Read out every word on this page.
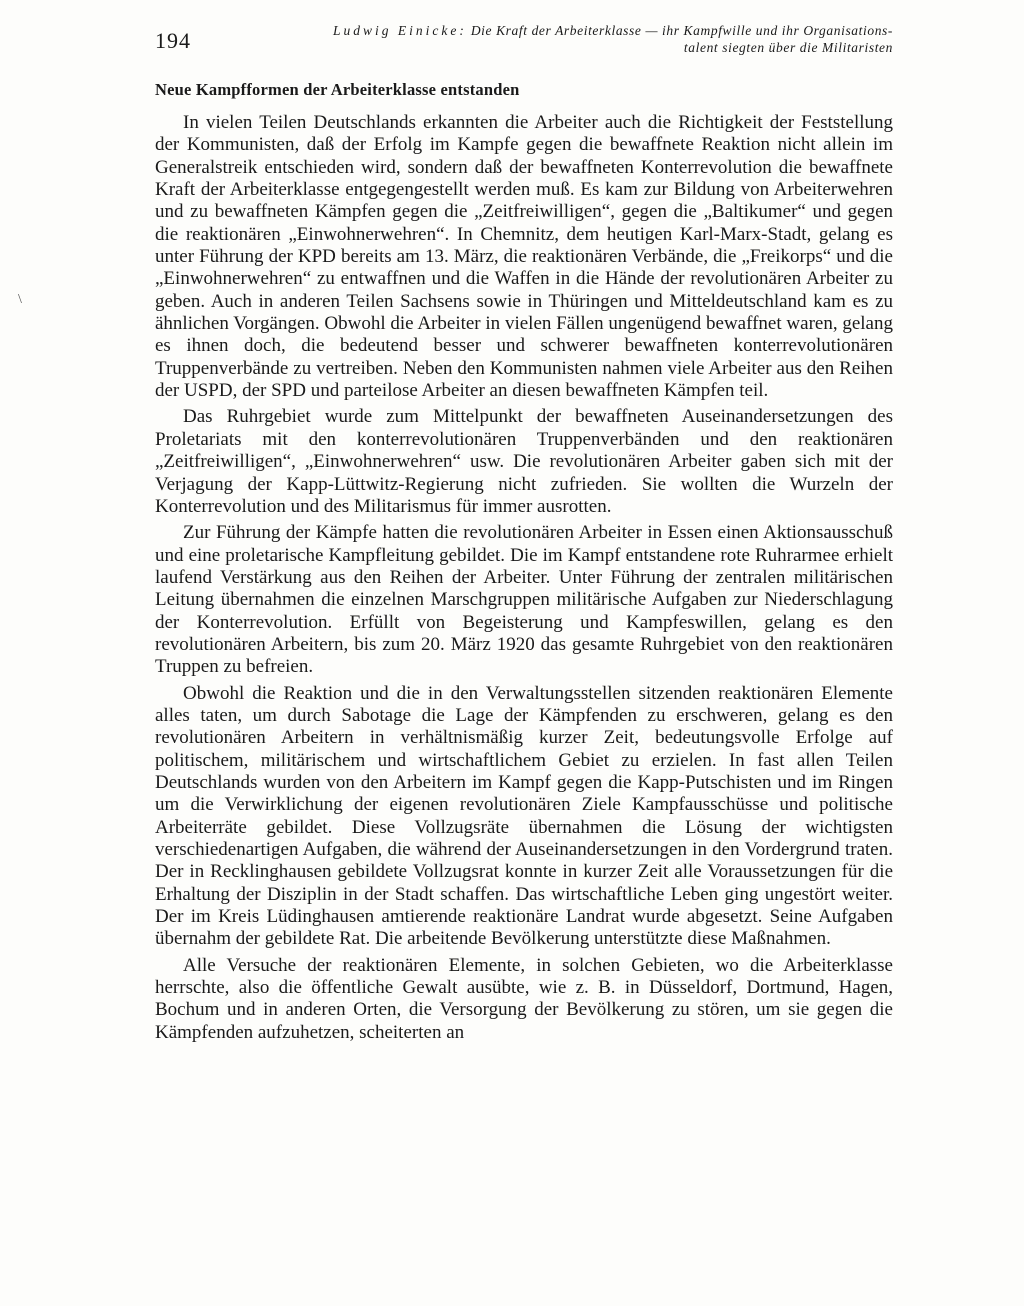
\
194	Ludwig Einicke: Die Kraft der Arbeiterklasse — ihr Kampfwille und ihr Organisations-
talent siegten über die Militaristen
Neue Kampfformen der Arbeiterklasse entstanden

In vielen Teilen Deutschlands erkannten die Arbeiter auch die Richtigkeit der Feststellung der Kommunisten, daß der Erfolg im Kampfe gegen die bewaffnete Reaktion nicht allein im Generalstreik entschieden wird, sondern daß der bewaffneten Konterrevolution die bewaffnete Kraft der Arbeiterklasse entgegengestellt werden muß. Es kam zur Bildung von Arbeiterwehren und zu bewaffneten Kämpfen gegen die „Zeitfreiwilligen“, gegen die „Baltikumer“ und gegen die reaktionären „Einwohnerwehren“. In Chemnitz, dem heutigen Karl-Marx-Stadt, gelang es unter Führung der KPD bereits am 13. März, die reaktionären Verbände, die „Freikorps“ und die „Einwohnerwehren“ zu entwaffnen und die Waffen in die Hände der revolutionären Arbeiter zu geben. Auch in anderen Teilen Sachsens sowie in Thüringen und Mitteldeutschland kam es zu ähnlichen Vorgängen. Obwohl die Arbeiter in vielen Fällen ungenügend bewaffnet waren, gelang es ihnen doch, die bedeutend besser und schwerer bewaffneten konterrevolutionären Truppenverbände zu vertreiben. Neben den Kommunisten nahmen viele Arbeiter aus den Reihen der USPD, der SPD und parteilose Arbeiter an diesen bewaffneten Kämpfen teil.

Das Ruhrgebiet wurde zum Mittelpunkt der bewaffneten Auseinandersetzungen des Proletariats mit den konterrevolutionären Truppenverbänden und den reaktionären „Zeitfreiwilligen“, „Einwohnerwehren“ usw. Die revolutionären Arbeiter gaben sich mit der Verjagung der Kapp-Lüttwitz-Regierung nicht zufrieden. Sie wollten die Wurzeln der Konterrevolution und des Militarismus für immer ausrotten.

Zur Führung der Kämpfe hatten die revolutionären Arbeiter in Essen einen Aktionsausschuß und eine proletarische Kampfleitung gebildet. Die im Kampf entstandene rote Ruhrarmee erhielt laufend Verstärkung aus den Reihen der Arbeiter. Unter Führung der zentralen militärischen Leitung übernahmen die einzelnen Marschgruppen militärische Aufgaben zur Niederschlagung der Konterrevolution. Erfüllt von Begeisterung und Kampfeswillen, gelang es den revolutionären Arbeitern, bis zum 20. März 1920 das gesamte Ruhrgebiet von den reaktionären Truppen zu befreien.

Obwohl die Reaktion und die in den Verwaltungsstellen sitzenden reaktionären Elemente alles taten, um durch Sabotage die Lage der Kämpfenden zu erschweren, gelang es den revolutionären Arbeitern in verhältnismäßig kurzer Zeit, bedeutungsvolle Erfolge auf politischem, militärischem und wirtschaftlichem Gebiet zu erzielen. In fast allen Teilen Deutschlands wurden von den Arbeitern im Kampf gegen die Kapp-Putschisten und im Ringen um die Verwirklichung der eigenen revolutionären Ziele Kampfausschüsse und politische Arbeiterräte gebildet. Diese Vollzugsräte übernahmen die Lösung der wichtigsten verschiedenartigen Aufgaben, die während der Auseinandersetzungen in den Vordergrund traten. Der in Recklinghausen gebildete Vollzugsrat konnte in kurzer Zeit alle Voraussetzungen für die Erhaltung der Disziplin in der Stadt schaffen. Das wirtschaftliche Leben ging ungestört weiter. Der im Kreis Lüdinghausen amtierende reaktionäre Landrat wurde abgesetzt. Seine Aufgaben übernahm der gebildete Rat. Die arbeitende Bevölkerung unterstützte diese Maßnahmen.

Alle Versuche der reaktionären Elemente, in solchen Gebieten, wo die Arbeiterklasse herrschte, also die öffentliche Gewalt ausübte, wie z. B. in Düsseldorf, Dortmund, Hagen, Bochum und in anderen Orten, die Versorgung der Bevölkerung zu stören, um sie gegen die Kämpfenden aufzuhetzen, scheiterten an
